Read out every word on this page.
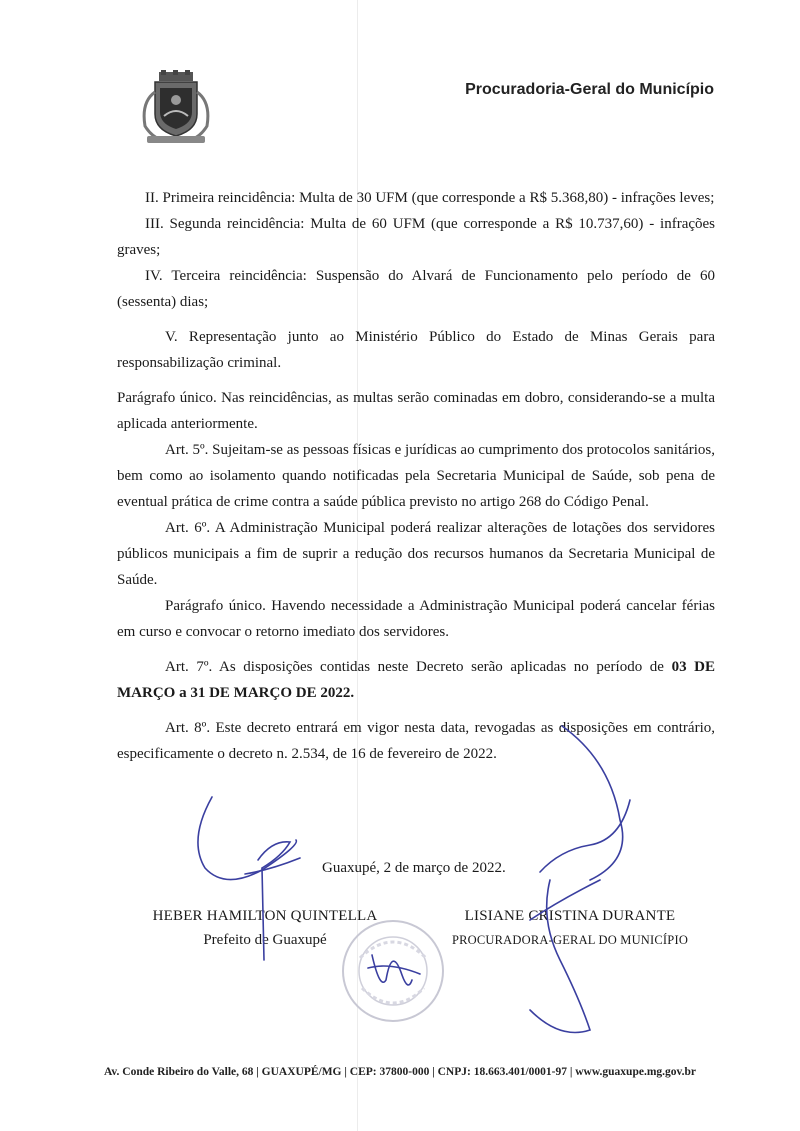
Procuradoria-Geral do Município

II. Primeira reincidência: Multa de 30 UFM (que corresponde a R$ 5.368,80) - infrações leves;

III. Segunda reincidência: Multa de 60 UFM (que corresponde a R$ 10.737,60) - infrações graves;

IV. Terceira reincidência: Suspensão do Alvará de Funcionamento pelo período de 60 (sessenta) dias;

V. Representação junto ao Ministério Público do Estado de Minas Gerais para responsabilização criminal.

Parágrafo único. Nas reincidências, as multas serão cominadas em dobro, considerando-se a multa aplicada anteriormente.

Art. 5º. Sujeitam-se as pessoas físicas e jurídicas ao cumprimento dos protocolos sanitários, bem como ao isolamento quando notificadas pela Secretaria Municipal de Saúde, sob pena de eventual prática de crime contra a saúde pública previsto no artigo 268 do Código Penal.

Art. 6º. A Administração Municipal poderá realizar alterações de lotações dos servidores públicos municipais a fim de suprir a redução dos recursos humanos da Secretaria Municipal de Saúde.

Parágrafo único. Havendo necessidade a Administração Municipal poderá cancelar férias em curso e convocar o retorno imediato dos servidores.

Art. 7º. As disposições contidas neste Decreto serão aplicadas no período de 03 DE MARÇO a 31 DE MARÇO DE 2022.

Art. 8º. Este decreto entrará em vigor nesta data, revogadas as disposições em contrário, especificamente o decreto n. 2.534, de 16 de fevereiro de 2022.

Guaxupé, 2 de março de 2022.
HEBER HAMILTON QUINTELLA
Prefeito de Guaxupé
LISIANE CRISTINA DURANTE
PROCURADORA-GERAL DO MUNICÍPIO
Av. Conde Ribeiro do Valle, 68 | GUAXUPÉ/MG | CEP: 37800-000 | CNPJ: 18.663.401/0001-97 | www.guaxupe.mg.gov.br
